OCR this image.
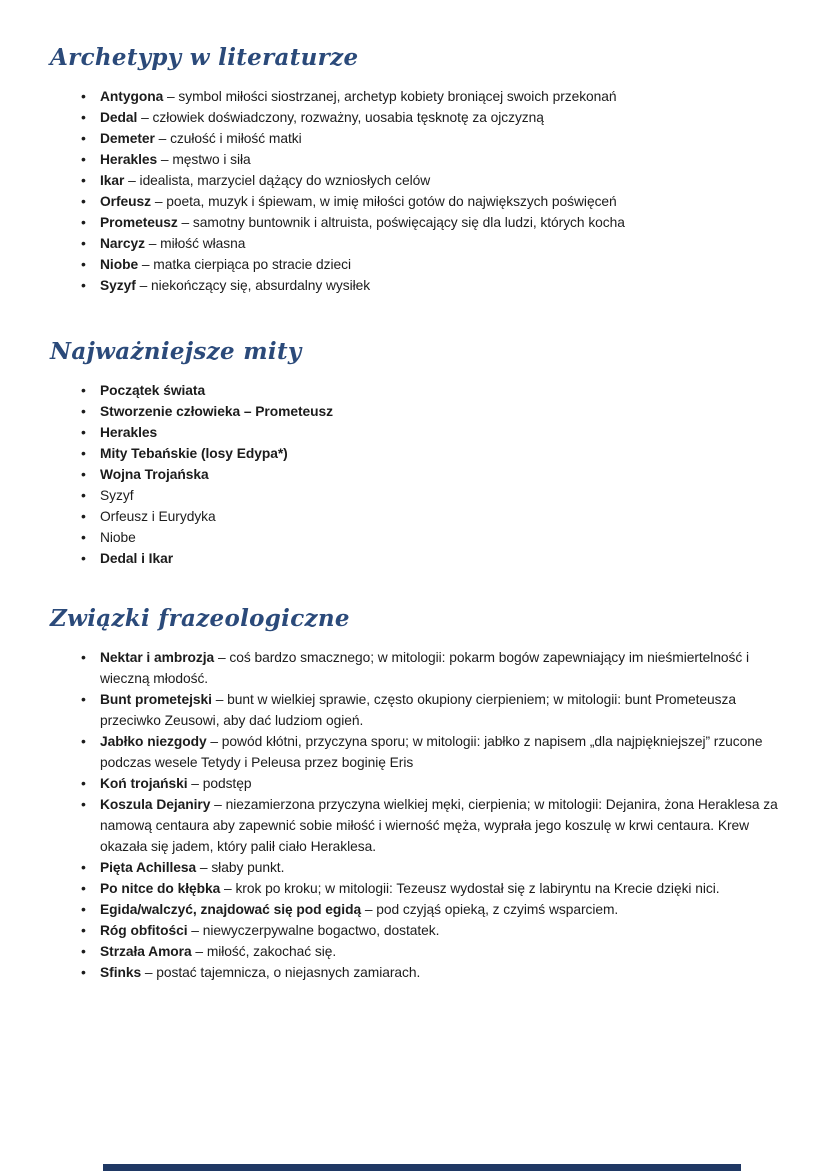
Archetypy w literaturze
• Antygona – symbol miłości siostrzanej, archetyp kobiety broniącej swoich przekonań
• Dedal – człowiek doświadczony, rozważny, uosabia tęsknotę za ojczyzną
• Demeter – czułość i miłość matki
• Herakles – męstwo i siła
• Ikar – idealista, marzyciel dążący do wzniosłych celów
• Orfeusz – poeta, muzyk i śpiewam, w imię miłości gotów do największych poświęceń
• Prometeusz – samotny buntownik i altruista, poświęcający się dla ludzi, których kocha
• Narcyz – miłość własna
• Niobe – matka cierpiąca po stracie dzieci
• Syzyf – niekończący się, absurdalny wysiłek
Najważniejsze mity
• Początek świata
• Stworzenie człowieka – Prometeusz
• Herakles
• Mity Tebańskie (losy Edypa*)
• Wojna Trojańska
• Syzyf
• Orfeusz i Eurydyka
• Niobe
• Dedal i Ikar
Związki frazeologiczne
• Nektar i ambrozja – coś bardzo smacznego; w mitologii: pokarm bogów zapewniający im nieśmiertelność i wieczną młodość.
• Bunt prometejski – bunt w wielkiej sprawie, często okupiony cierpieniem; w mitologii: bunt Prometeusza przeciwko Zeusowi, aby dać ludziom ogień.
• Jabłko niezgody – powód kłótni, przyczyna sporu; w mitologii: jabłko z napisem „dla najpiękniejszej” rzucone podczas wesele Tetydy i Peleusa przez boginię Eris
• Koń trojański – podstęp
• Koszula Dejaniry – niezamierzona przyczyna wielkiej męki, cierpienia; w mitologii: Dejanira, żona Heraklesa za namową centaura aby zapewnić sobie miłość i wierność męża, wyprała jego koszulę w krwi centaura. Krew okazała się jadem, który palił ciało Heraklesa.
• Pięta Achillesa – słaby punkt.
• Po nitce do kłębka – krok po kroku; w mitologii: Tezeusz wydostał się z labiryntu na Krecie dzięki nici.
• Egida/walczyć, znajdować się pod egidą – pod czyjąś opieką, z czyimś wsparciem.
• Róg obfitości – niewyczerpywalne bogactwo, dostatek.
• Strzała Amora – miłość, zakochać się.
• Sfinks – postać tajemnicza, o niejasnych zamiarach.
